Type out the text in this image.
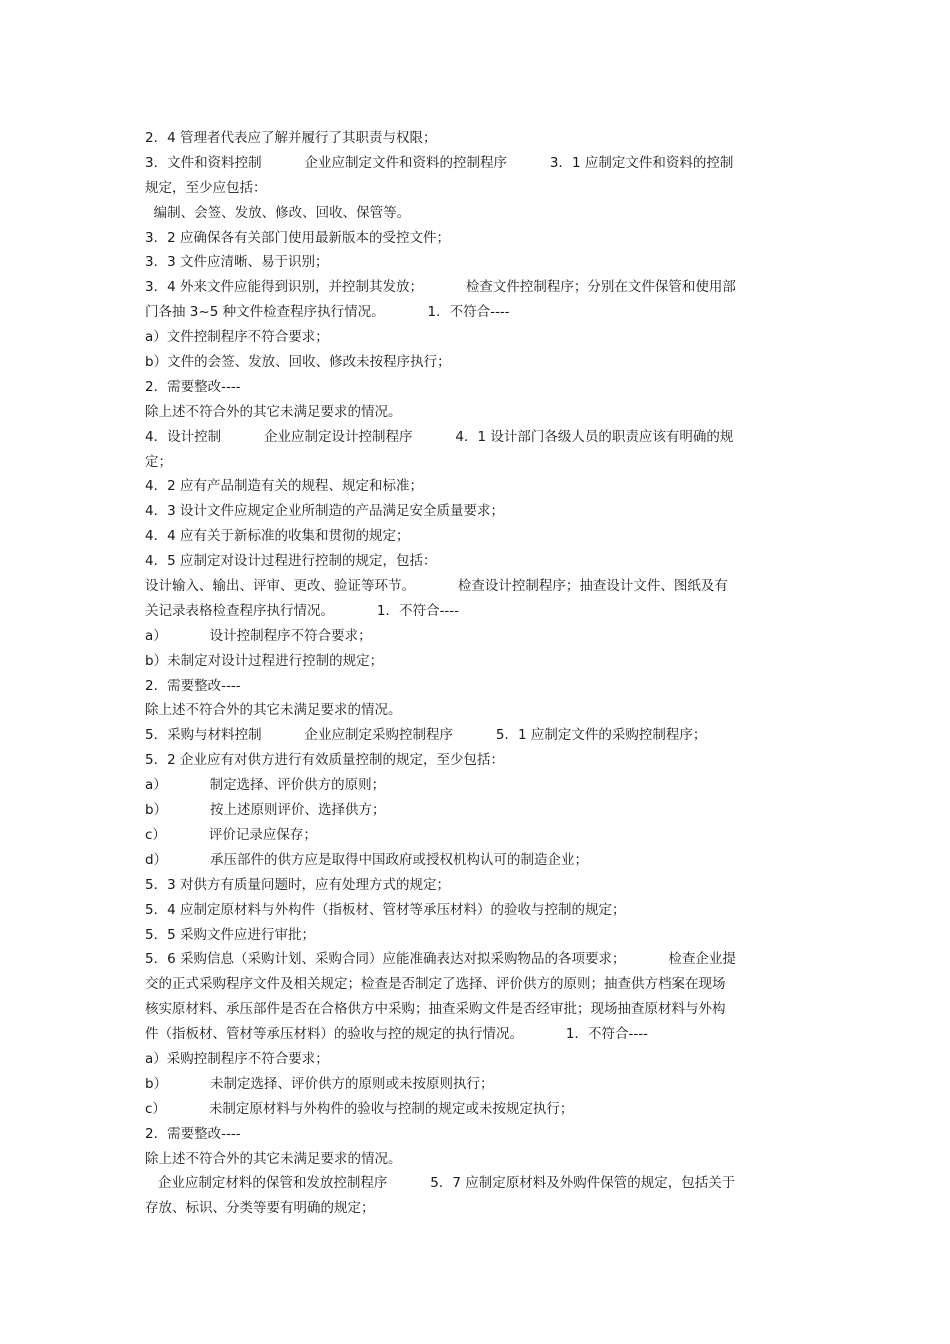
2．4 管理者代表应了解并履行了其职责与权限；
3．文件和资料控制          企业应制定文件和资料的控制程序          3．1 应制定文件和资料的控制
规定，至少应包括：
编制、会签、发放、修改、回收、保管等。
3．2 应确保各有关部门使用最新版本的受控文件；
3．3 文件应清晰、易于识别；
3．4 外来文件应能得到识别，并控制其发放；          检查文件控制程序；分别在文件保管和使用部
门各抽 3~5 种文件检查程序执行情况。          1．不符合----
a）文件控制程序不符合要求；
b）文件的会签、发放、回收、修改未按程序执行；
2．需要整改----
除上述不符合外的其它未满足要求的情况。
4．设计控制          企业应制定设计控制程序          4．1 设计部门各级人员的职责应该有明确的规
定；
4．2 应有产品制造有关的规程、规定和标准；
4．3 设计文件应规定企业所制造的产品满足安全质量要求；
4．4 应有关于新标准的收集和贯彻的规定；
4．5 应制定对设计过程进行控制的规定，包括：
设计输入、输出、评审、更改、验证等环节。          检查设计控制程序；抽查设计文件、图纸及有
关记录表格检查程序执行情况。          1．不符合----
a）          设计控制程序不符合要求；
b）未制定对设计过程进行控制的规定；
2．需要整改----
除上述不符合外的其它未满足要求的情况。
5．采购与材料控制          企业应制定采购控制程序          5．1 应制定文件的采购控制程序；
5．2 企业应有对供方进行有效质量控制的规定，至少包括：
a）          制定选择、评价供方的原则；
b）          按上述原则评价、选择供方；
c）          评价记录应保存；
d）          承压部件的供方应是取得中国政府或授权机构认可的制造企业；
5．3 对供方有质量问题时，应有处理方式的规定；
5．4 应制定原材料与外构件（指板材、管材等承压材料）的验收与控制的规定；
5．5 采购文件应进行审批；
5．6 采购信息（采购计划、采购合同）应能准确表达对拟采购物品的各项要求；          检查企业提
交的正式采购程序文件及相关规定；检查是否制定了选择、评价供方的原则；抽查供方档案在现场
核实原材料、承压部件是否在合格供方中采购；抽查采购文件是否经审批；现场抽查原材料与外构
件（指板材、管材等承压材料）的验收与控的规定的执行情况。          1．不符合----
a）采购控制程序不符合要求；
b）          未制定选择、评价供方的原则或未按原则执行；
c）          未制定原材料与外构件的验收与控制的规定或未按规定执行；
2．需要整改----
除上述不符合外的其它未满足要求的情况。
企业应制定材料的保管和发放控制程序          5．7 应制定原材料及外购件保管的规定，包括关于
存放、标识、分类等要有明确的规定；
